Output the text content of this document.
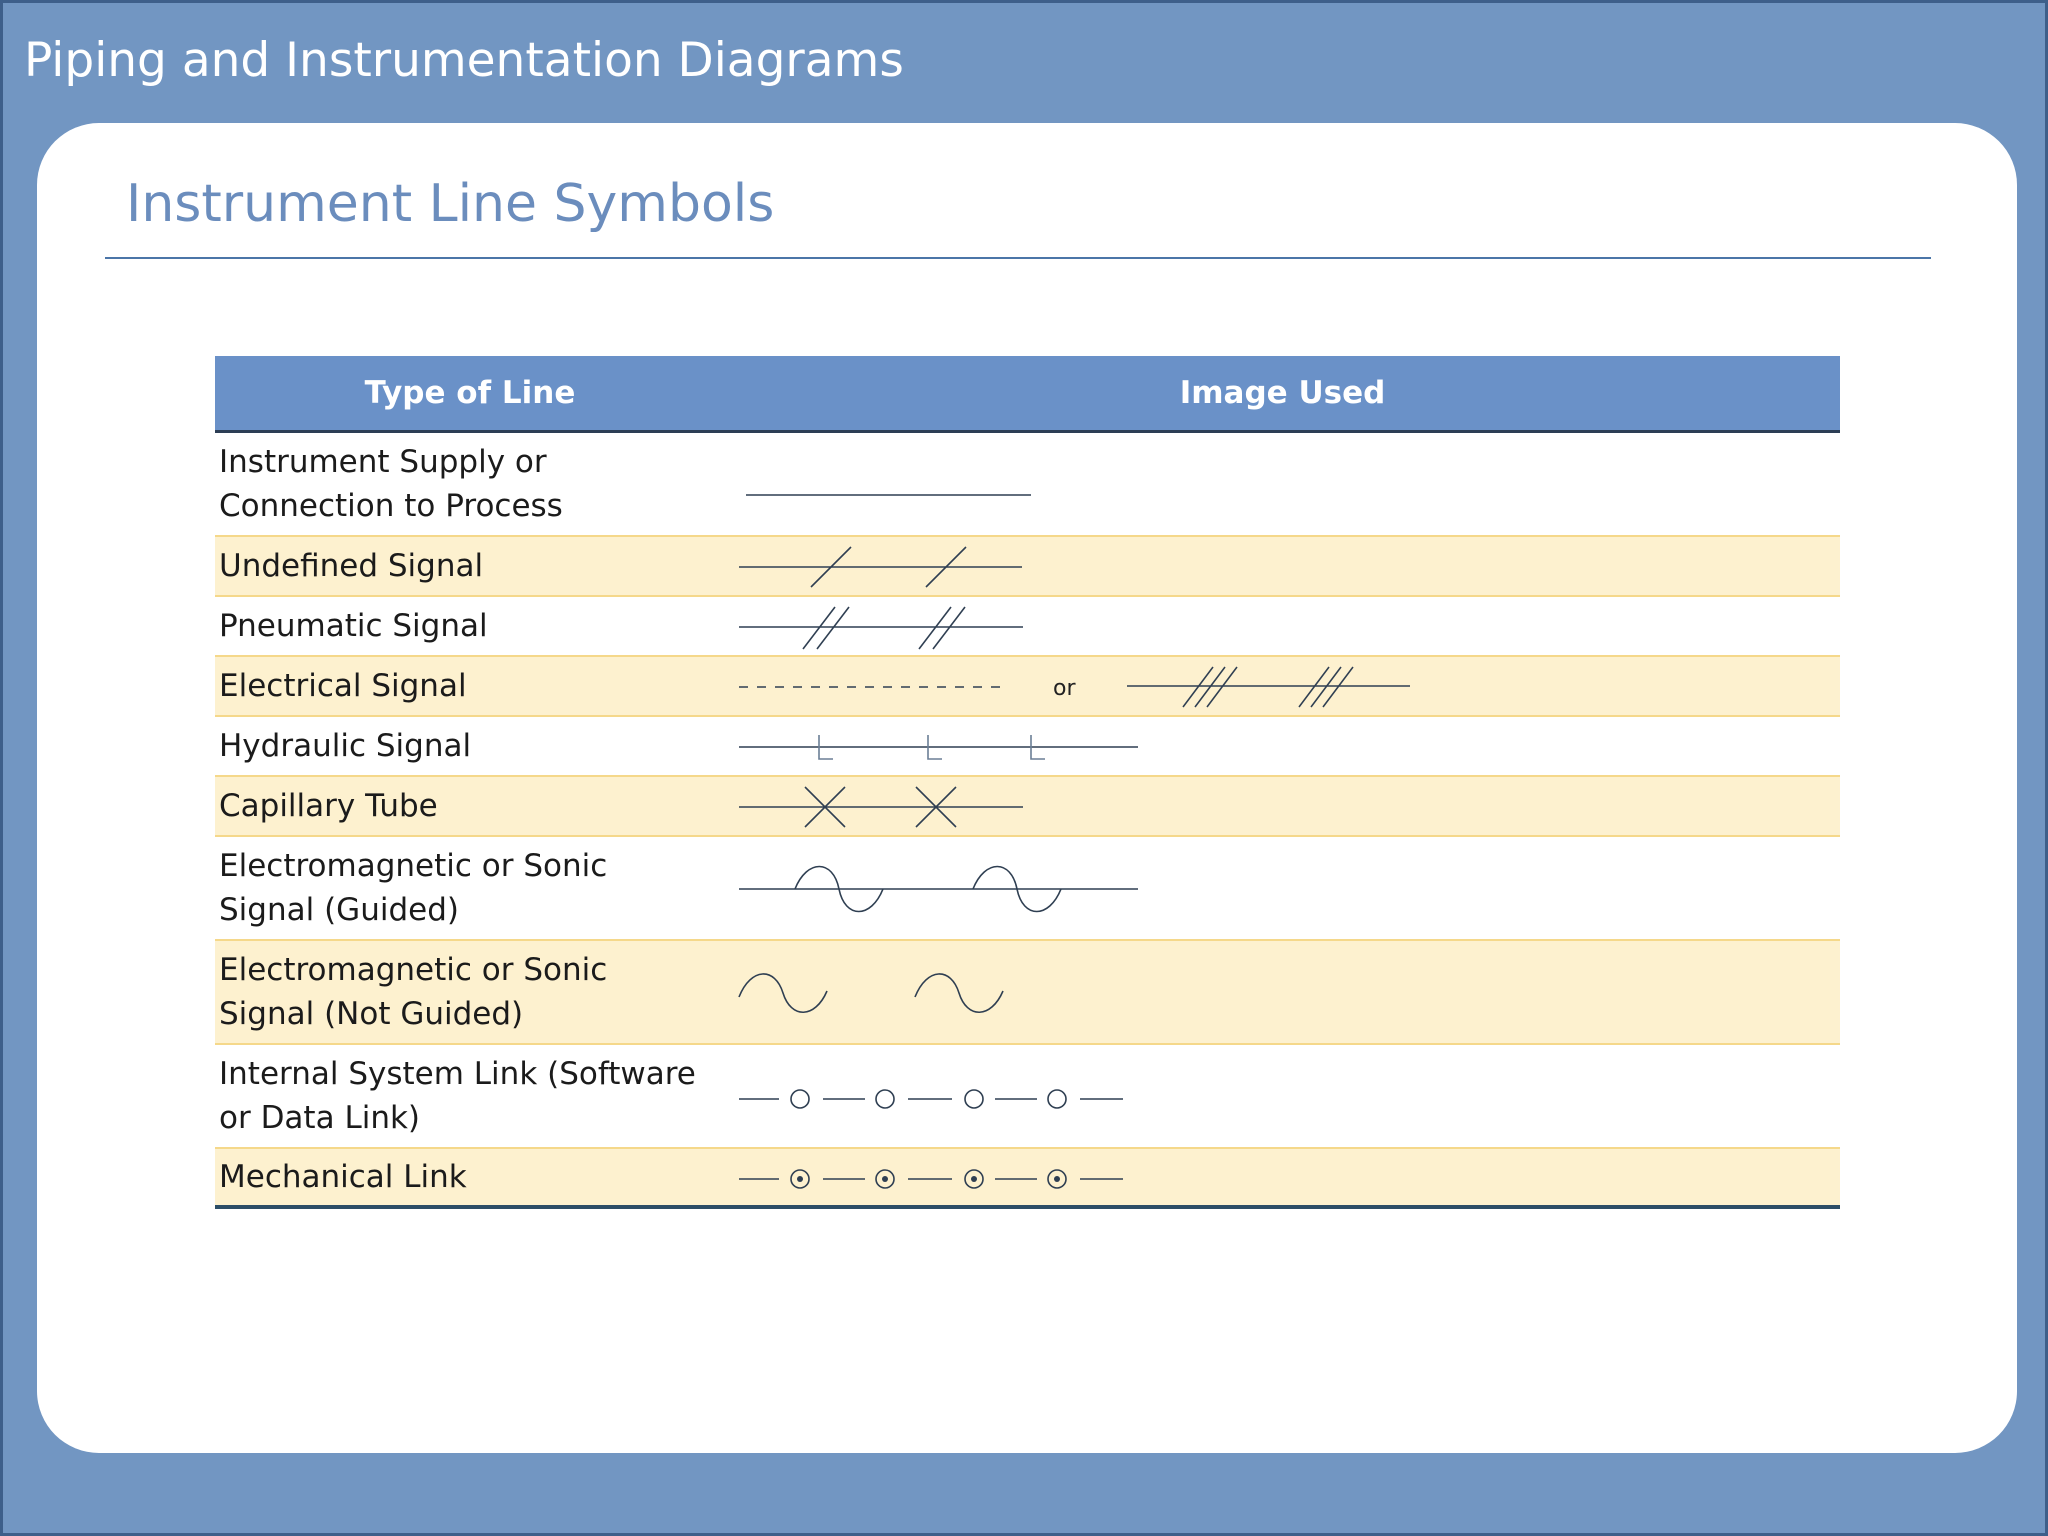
Piping and Instrumentation Diagrams
Instrument Line Symbols
Type of Line	Image Used
Instrument Supply or
Connection to Process
Undefined Signal
Pneumatic Signal
Electrical Signal	or
Hydraulic Signal
Capillary Tube
Electromagnetic or Sonic
Signal (Guided)
Electromagnetic or Sonic
Signal (Not Guided)
Internal System Link (Software
or Data Link)
Mechanical Link
